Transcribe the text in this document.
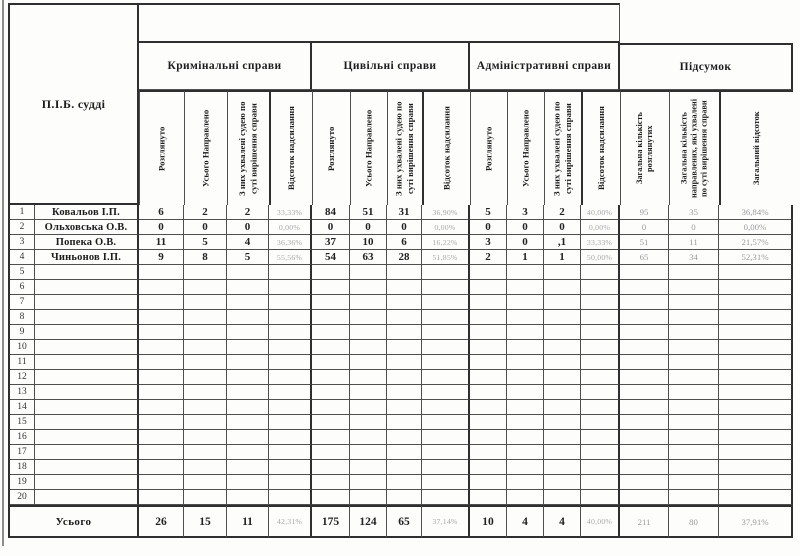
П.І.Б. судді
Кримінальні справи	Цивільні справи	Адміністративні справи	Підсумок
Розглянуто	Усього Направлено	З них ухвалені судею по суті вирішення справи	Відсоток надсилання	Розглянуто	Усього Направлено	З них ухвалені судею по суті вирішення справи	Відсоток надсилання	Розглянуто	Усього Направлено	З них ухвалені судею по суті вирішення справи	Відсоток надсилання	Загальна кількість розглянутих	Загальна кількість направлених, які ухвалені по суті вирішення справи	Загальний відсоток
1	Ковальов І.П.	6	2	2	33,33%	84	51	31	36,90%	5	3	2	40,00%	95	35	36,84%
2	Ольховська О.В.	0	0	0	0,00%	0	0	0	0,00%	0	0	0	0,00%	0	0	0,00%
3	Попека О.В.	11	5	4	36,36%	37	10	6	16,22%	3	0	,1	33,33%	51	11	21,57%
4	Чиньонов І.П.	9	8	5	55,56%	54	63	28	51,85%	2	1	1	50,00%	65	34	52,31%
5
6
7
8
9
10
11
12
13
14
15
16
17
18
19
20
Усього	26	15	11	42,31%	175	124	65	37,14%	10	4	4	40,00%	211	80	37,91%
